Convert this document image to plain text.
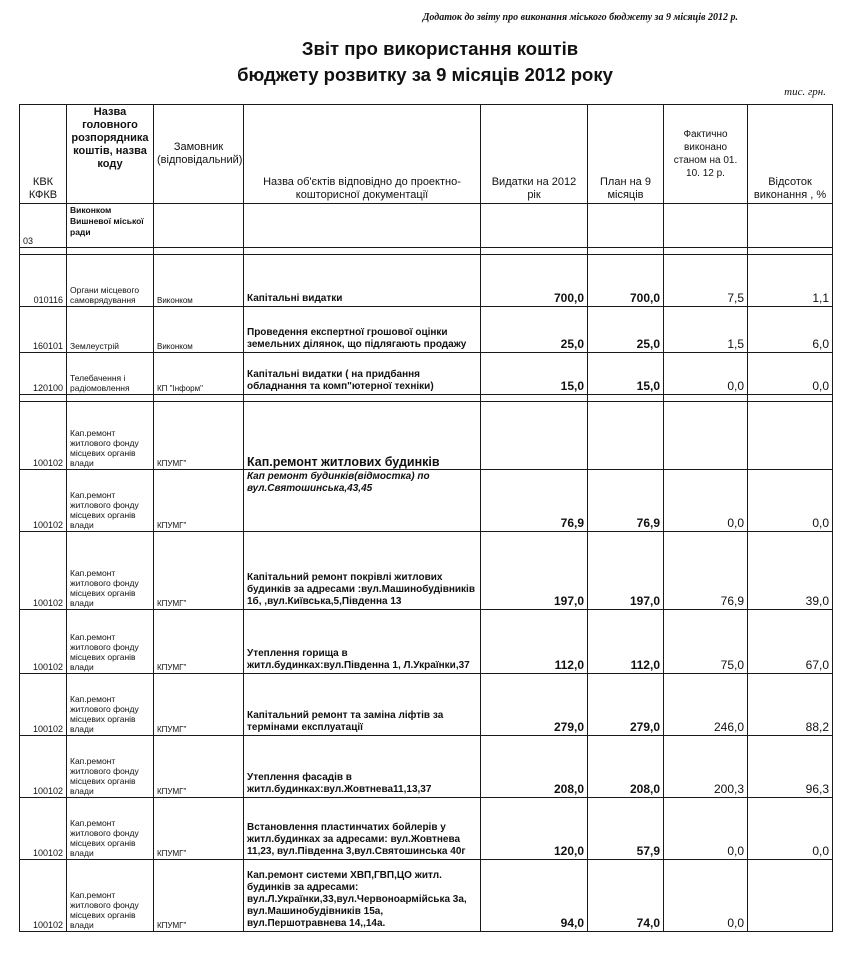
Додаток до звіту про виконання міського бюджету за 9 місяців 2012 р.
Звіт про використання коштів
бюджету розвитку за 9 місяців 2012 року
тис. грн.
КВК КФКВ	Назва головного розпорядника коштів, назва коду	Замовник (відповідальний)	Назва об'єктів відповідно до проектно-кошторисної документації	Видатки на 2012 рік	План на 9 місяців	Фактично виконано станом на 01. 10. 12 р.	Відсоток виконання , %
03	Виконком Вишневої міської ради						

010116	Органи місцевого самоврядування	Виконком	Капітальні видатки	700,0	700,0	7,5	1,1
160101	Землеустрій	Виконком	Проведення експертної грошової оцінки земельних ділянок, що підлягають продажу	25,0	25,0	1,5	6,0
120100	Телебачення і радіомовлення	КП "Інформ"	Капітальні видатки ( на придбання обладнання та комп"ютерної техніки)	15,0	15,0	0,0	0,0

100102	Кап.ремонт житлового фонду місцевих органів влади	КПУМГ"	Кап.ремонт житлових будинків				
100102	Кап.ремонт житлового фонду місцевих органів влади	КПУМГ"	Кап ремонт будинків(відмостка) по вул.Святошинська,43,45	76,9	76,9	0,0	0,0
100102	Кап.ремонт житлового фонду місцевих органів влади	КПУМГ"	Капітальний ремонт покрівлі житлових будинків за адресами :вул.Машинобудівників 1б, ,вул.Київська,5,Південна 13	197,0	197,0	76,9	39,0
100102	Кап.ремонт житлового фонду місцевих органів влади	КПУМГ"	Утеплення горища в житл.будинках:вул.Південна 1, Л.Українки,37	112,0	112,0	75,0	67,0
100102	Кап.ремонт житлового фонду місцевих органів влади	КПУМГ"	Капітальний ремонт та заміна ліфтів за термінами експлуатації	279,0	279,0	246,0	88,2
100102	Кап.ремонт житлового фонду місцевих органів влади	КПУМГ"	Утеплення фасадів в житл.будинках:вул.Жовтнева11,13,37	208,0	208,0	200,3	96,3
100102	Кап.ремонт житлового фонду місцевих органів влади	КПУМГ"	Встановлення пластинчатих бойлерів у житл.будинках за адресами: вул.Жовтнева 11,23, вул.Південна 3,вул.Святошинська 40г	120,0	57,9	0,0	0,0
100102	Кап.ремонт житлового фонду місцевих органів влади	КПУМГ"	Кап.ремонт системи ХВП,ГВП,ЦО житл. будинків за адресами: вул.Л.Українки,33,вул.Червоноармійська 3а, вул.Машинобудівників 15а, вул.Першотравнева 14,,14а.	94,0	74,0	0,0	
